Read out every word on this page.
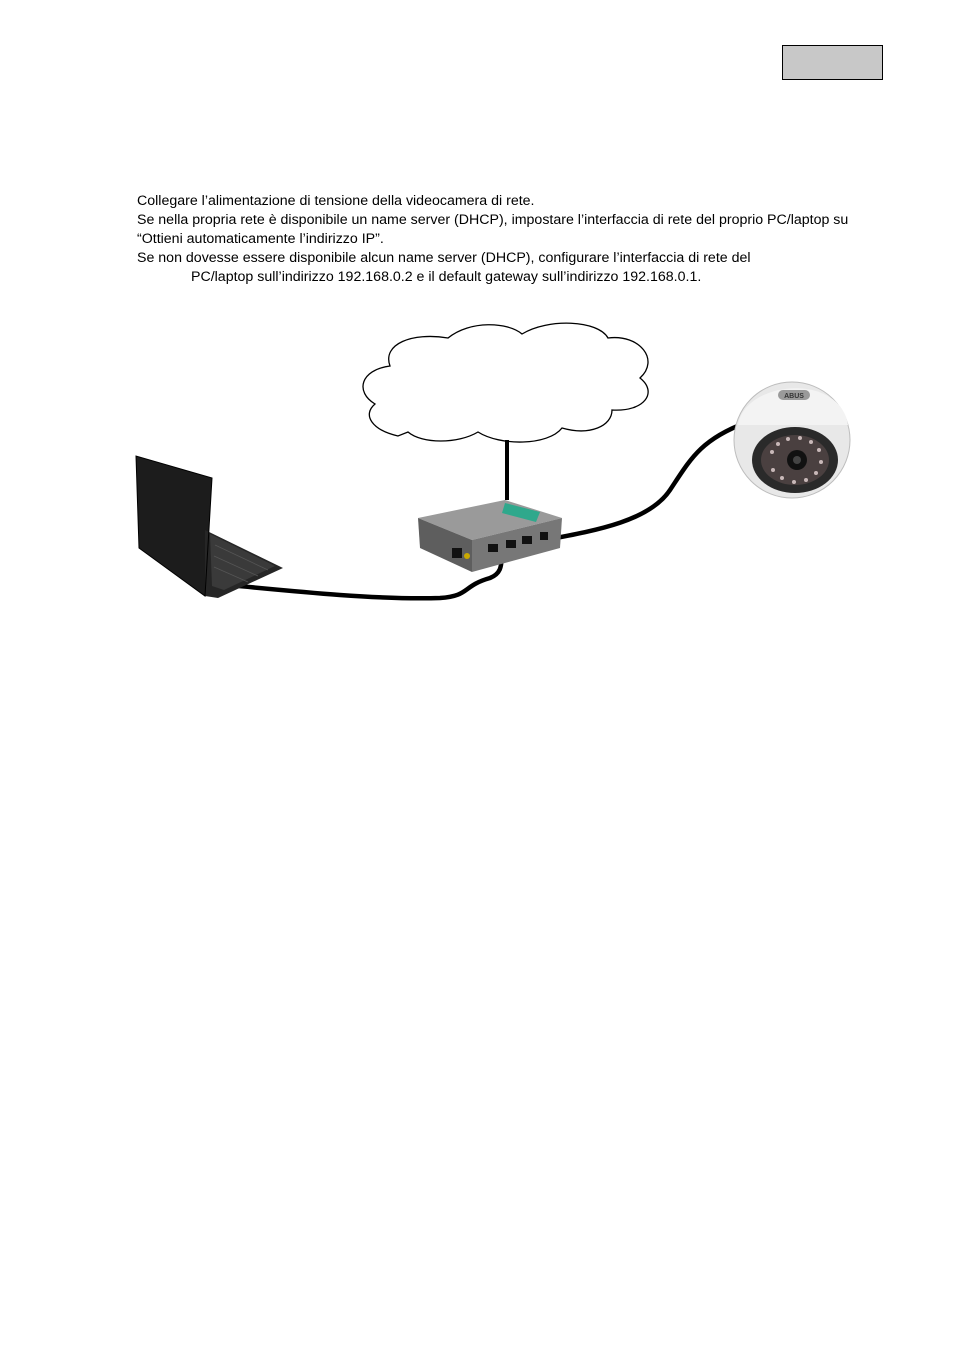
Collegare l’alimentazione di tensione della videocamera di rete.

Se nella propria rete è disponibile un name server (DHCP), impostare l’interfaccia di rete del proprio PC/laptop su “Ottieni automaticamente l’indirizzo IP”.

Se non dovesse essere disponibile alcun name server (DHCP), configurare l’interfaccia di rete del

PC/laptop sull’indirizzo 192.168.0.2 e il default gateway sull’indirizzo 192.168.0.1.

ABUS
